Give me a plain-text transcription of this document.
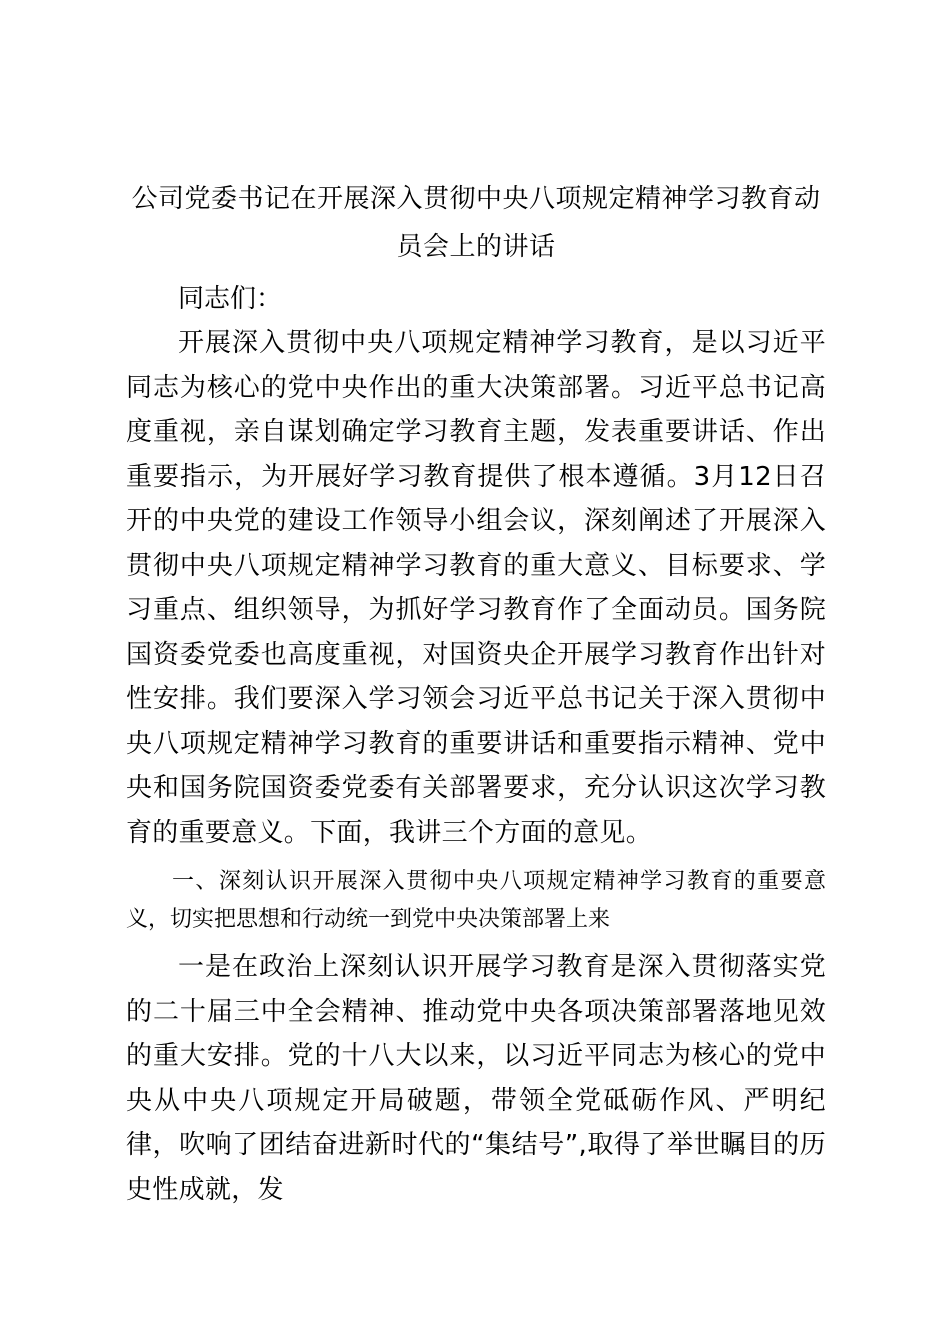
公司党委书记在开展深入贯彻中央八项规定精神学习教育动员会上的讲话

同志们：

开展深入贯彻中央八项规定精神学习教育，是以习近平同志为核心的党中央作出的重大决策部署。习近平总书记高度重视，亲自谋划确定学习教育主题，发表重要讲话、作出重要指示，为开展好学习教育提供了根本遵循。3月12日召开的中央党的建设工作领导小组会议，深刻阐述了开展深入贯彻中央八项规定精神学习教育的重大意义、目标要求、学习重点、组织领导，为抓好学习教育作了全面动员。国务院国资委党委也高度重视，对国资央企开展学习教育作出针对性安排。我们要深入学习领会习近平总书记关于深入贯彻中央八项规定精神学习教育的重要讲话和重要指示精神、党中央和国务院国资委党委有关部署要求，充分认识这次学习教育的重要意义。下面，我讲三个方面的意见。

一、深刻认识开展深入贯彻中央八项规定精神学习教育的重要意义，切实把思想和行动统一到党中央决策部署上来

一是在政治上深刻认识开展学习教育是深入贯彻落实党的二十届三中全会精神、推动党中央各项决策部署落地见效的重大安排。党的十八大以来，以习近平同志为核心的党中央从中央八项规定开局破题，带领全党砥砺作风、严明纪律，吹响了团结奋进新时代的“集结号”,取得了举世瞩目的历史性成就，发
